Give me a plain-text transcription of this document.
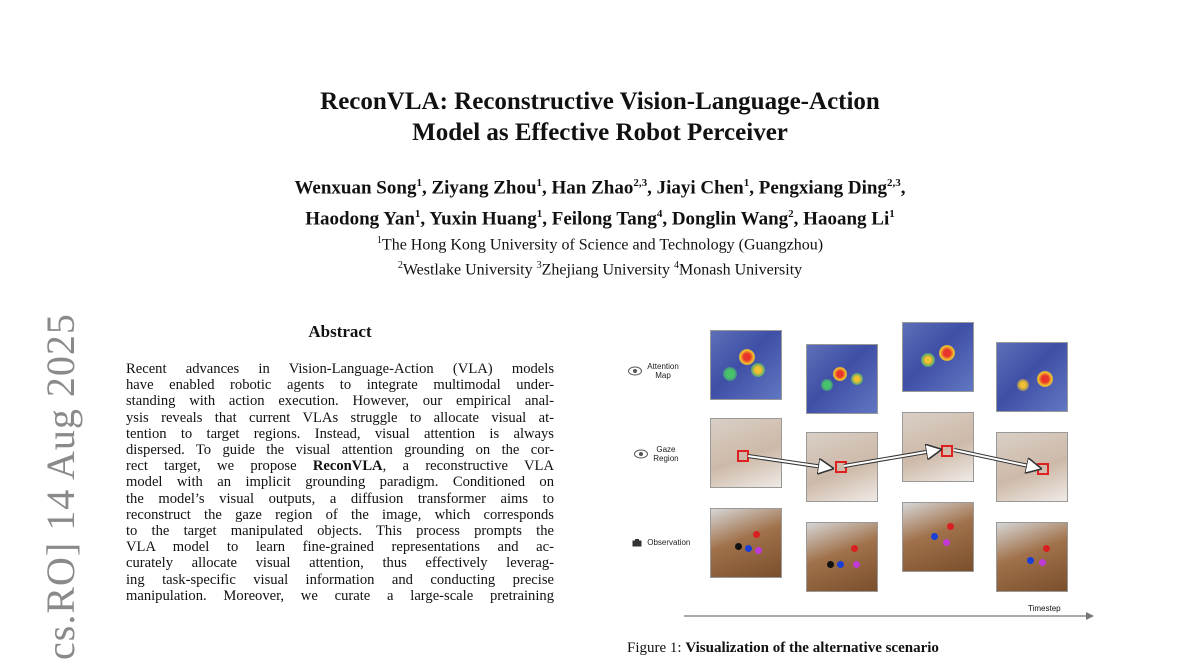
cs.RO] 14 Aug 2025
ReconVLA: Reconstructive Vision-Language-Action
Model as Effective Robot Perceiver
Wenxuan Song$^1$, Ziyang Zhou$^1$, Han Zhao$^{2,3}$, Jiayi Chen$^1$, Pengxiang Ding$^{2,3}$,
Haodong Yan$^1$, Yuxin Huang$^1$, Feilong Tang$^4$, Donglin Wang$^2$, Haoang Li$^1$
$^1$The Hong Kong University of Science and Technology (Guangzhou)
$^2$Westlake University $^3$Zhejiang University $^4$Monash University
Abstract
Recent advances in Vision-Language-Action (VLA) models
have enabled robotic agents to integrate multimodal under-
standing with action execution. However, our empirical anal-
ysis reveals that current VLAs struggle to allocate visual at-
tention to target regions. Instead, visual attention is always
dispersed. To guide the visual attention grounding on the cor-
rect target, we propose ReconVLA, a reconstructive VLA
model with an implicit grounding paradigm. Conditioned on
the model’s visual outputs, a diffusion transformer aims to
reconstruct the gaze region of the image, which corresponds
to the target manipulated objects. This process prompts the
VLA model to learn fine-grained representations and ac-
curately allocate visual attention, thus effectively leverag-
ing task-specific visual information and conducting precise
manipulation. Moreover, we curate a large-scale pretraining

Attention
Map

Gaze
Region
Observation
Timestep
Figure 1: Visualization of the alternative scenario
